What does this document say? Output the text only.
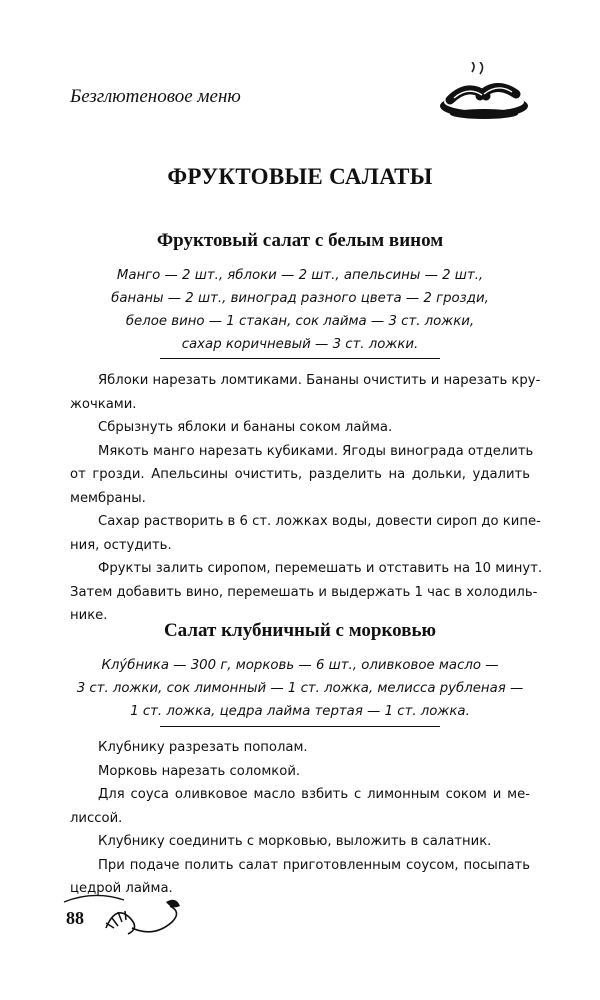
Безглютеновое меню
ФРУКТОВЫЕ САЛАТЫ
Фруктовый салат с белым вином
Манго — 2 шт., яблоки — 2 шт., апельсины — 2 шт.,
бананы — 2 шт., виноград разного цвета — 2 грозди,
белое вино — 1 стакан, сок лайма — 3 ст. ложки,
сахар коричневый — 3 ст. ложки.
Яблоки нарезать ломтиками. Бананы очистить и нарезать кру-
жочками.
Сбрызнуть яблоки и бананы соком лайма.
Мякоть манго нарезать кубиками. Ягоды винограда отделить
от грозди. Апельсины очистить, разделить на дольки, удалить
мембраны.
Сахар растворить в 6 ст. ложках воды, довести сироп до кипе-
ния, остудить.
Фрукты залить сиропом, перемешать и отставить на 10 минут.
Затем добавить вино, перемешать и выдержать 1 час в холодиль-
нике.
Салат клубничный с морковью
Клу́бника — 300 г, морковь — 6 шт., оливковое масло —
3 ст. ложки, сок лимонный — 1 ст. ложка, мелисса рубленая —
1 ст. ложка, цедра лайма тертая — 1 ст. ложка.
Клубнику разрезать пополам.
Морковь нарезать соломкой.
Для соуса оливковое масло взбить с лимонным соком и ме-
лиссой.
Клубнику соединить с морковью, выложить в салатник.
При подаче полить салат приготовленным соусом, посыпать
цедрой лайма.
88
